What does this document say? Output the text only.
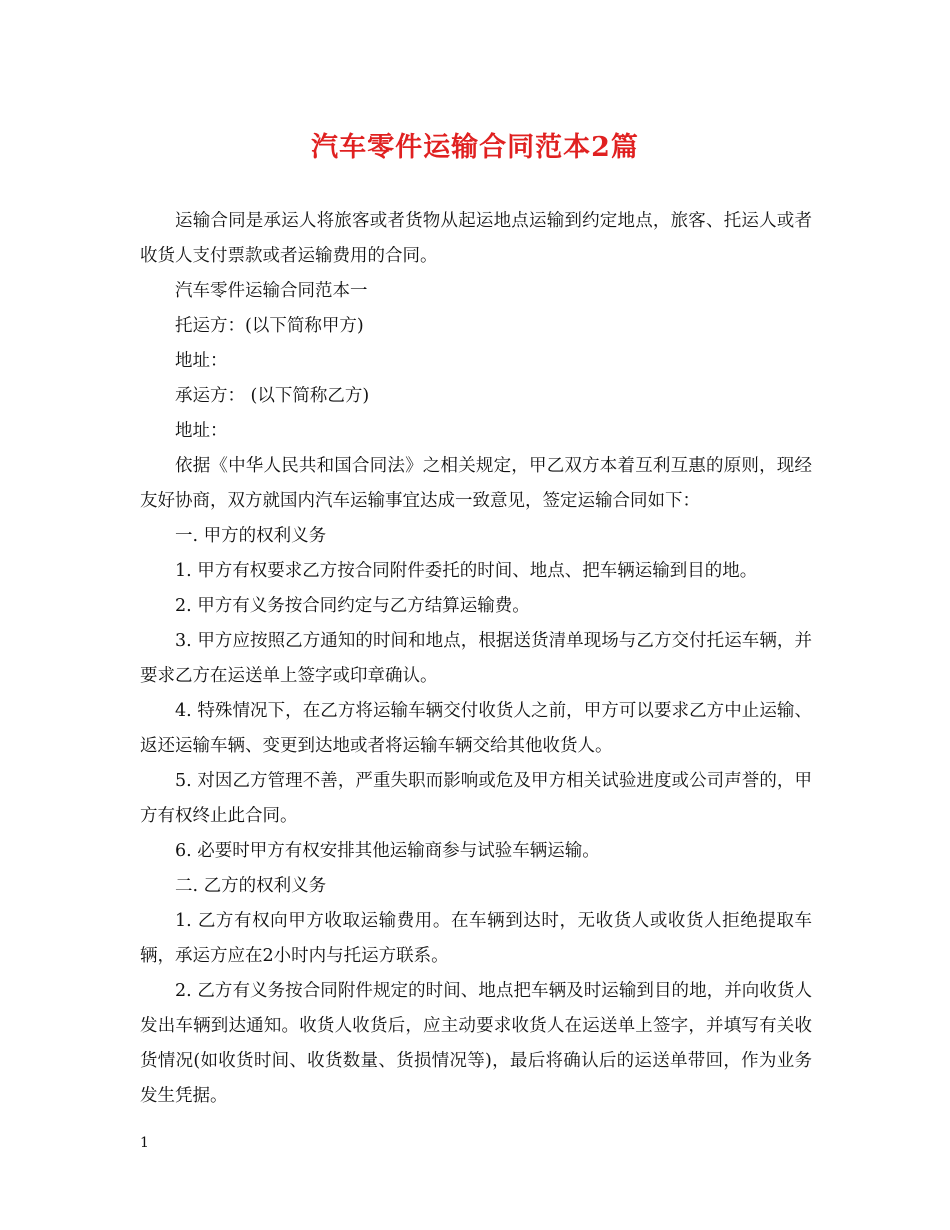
汽车零件运输合同范本2篇

运输合同是承运人将旅客或者货物从起运地点运输到约定地点，旅客、托运人或者收货人支付票款或者运输费用的合同。

汽车零件运输合同范本一

托运方：(以下简称甲方)

地址：

承运方： (以下简称乙方)

地址：

依据《中华人民共和国合同法》之相关规定，甲乙双方本着互利互惠的原则，现经友好协商，双方就国内汽车运输事宜达成一致意见，签定运输合同如下：

一. 甲方的权利义务

1. 甲方有权要求乙方按合同附件委托的时间、地点、把车辆运输到目的地。

2. 甲方有义务按合同约定与乙方结算运输费。

3. 甲方应按照乙方通知的时间和地点，根据送货清单现场与乙方交付托运车辆，并要求乙方在运送单上签字或印章确认。

4. 特殊情况下，在乙方将运输车辆交付收货人之前，甲方可以要求乙方中止运输、返还运输车辆、变更到达地或者将运输车辆交给其他收货人。

5. 对因乙方管理不善，严重失职而影响或危及甲方相关试验进度或公司声誉的，甲方有权终止此合同。

6. 必要时甲方有权安排其他运输商参与试验车辆运输。

二. 乙方的权利义务

1. 乙方有权向甲方收取运输费用。在车辆到达时，无收货人或收货人拒绝提取车辆，承运方应在2小时内与托运方联系。

2. 乙方有义务按合同附件规定的时间、地点把车辆及时运输到目的地，并向收货人发出车辆到达通知。收货人收货后，应主动要求收货人在运送单上签字，并填写有关收货情况(如收货时间、收货数量、货损情况等)，最后将确认后的运送单带回，作为业务发生凭据。

1
